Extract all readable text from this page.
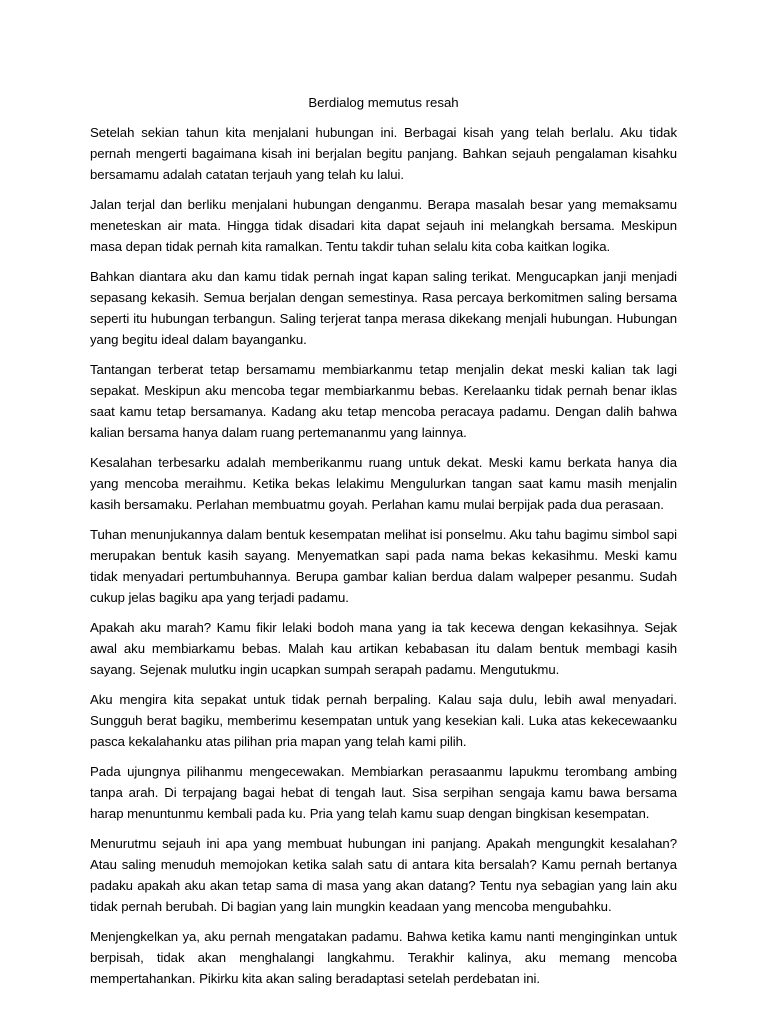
Berdialog memutus resah

Setelah sekian tahun kita menjalani hubungan ini. Berbagai kisah yang telah berlalu. Aku tidak pernah mengerti bagaimana kisah ini berjalan begitu panjang. Bahkan sejauh pengalaman kisahku bersamamu adalah catatan terjauh yang telah ku lalui.

Jalan terjal dan berliku menjalani hubungan denganmu. Berapa masalah besar yang memaksamu meneteskan air mata. Hingga tidak disadari kita dapat sejauh ini melangkah bersama. Meskipun masa depan tidak pernah kita ramalkan. Tentu takdir tuhan selalu kita coba kaitkan logika.

Bahkan diantara aku dan kamu tidak pernah ingat kapan saling terikat. Mengucapkan janji menjadi sepasang kekasih. Semua berjalan dengan semestinya. Rasa percaya berkomitmen saling bersama seperti itu hubungan terbangun. Saling terjerat tanpa merasa dikekang menjali hubungan. Hubungan yang begitu ideal dalam bayanganku.

Tantangan terberat tetap bersamamu membiarkanmu tetap menjalin dekat meski kalian tak lagi sepakat. Meskipun aku mencoba tegar membiarkanmu bebas. Kerelaanku tidak pernah benar iklas saat kamu tetap bersamanya. Kadang aku tetap mencoba peracaya padamu. Dengan dalih bahwa kalian bersama hanya dalam ruang pertemananmu yang lainnya.

Kesalahan terbesarku adalah memberikanmu ruang untuk dekat. Meski kamu berkata hanya dia yang mencoba meraihmu. Ketika bekas lelakimu Mengulurkan tangan saat kamu masih menjalin kasih bersamaku. Perlahan membuatmu goyah. Perlahan kamu mulai berpijak pada dua perasaan.

Tuhan menunjukannya dalam bentuk kesempatan melihat isi ponselmu. Aku tahu bagimu simbol sapi merupakan bentuk kasih sayang. Menyematkan sapi pada nama bekas kekasihmu. Meski kamu tidak menyadari pertumbuhannya. Berupa gambar kalian berdua dalam walpeper pesanmu. Sudah cukup jelas bagiku apa yang terjadi padamu.

Apakah aku marah? Kamu fikir lelaki bodoh mana yang ia tak kecewa dengan kekasihnya. Sejak awal aku membiarkamu bebas. Malah kau artikan kebabasan itu dalam bentuk membagi kasih sayang. Sejenak mulutku ingin ucapkan sumpah serapah padamu. Mengutukmu.

Aku mengira kita sepakat untuk tidak pernah berpaling. Kalau saja dulu, lebih awal menyadari. Sungguh berat bagiku, memberimu kesempatan untuk yang kesekian kali. Luka atas kekecewaanku pasca kekalahanku atas pilihan pria mapan yang telah kami pilih.

Pada ujungnya pilihanmu mengecewakan. Membiarkan perasaanmu lapukmu terombang ambing tanpa arah. Di terpajang bagai hebat di tengah laut. Sisa serpihan sengaja kamu bawa bersama harap menuntunmu kembali pada ku. Pria yang telah kamu suap dengan bingkisan kesempatan.

Menurutmu sejauh ini apa yang membuat hubungan ini panjang. Apakah mengungkit kesalahan? Atau saling menuduh memojokan ketika salah satu di antara kita bersalah? Kamu pernah bertanya padaku apakah aku akan tetap sama di masa yang akan datang? Tentu nya sebagian yang lain aku tidak pernah berubah. Di bagian yang lain mungkin keadaan yang mencoba mengubahku.

Menjengkelkan ya, aku pernah mengatakan padamu. Bahwa ketika kamu nanti menginginkan untuk berpisah, tidak akan menghalangi langkahmu. Terakhir kalinya, aku memang mencoba mempertahankan. Pikirku kita akan saling beradaptasi setelah perdebatan ini.
